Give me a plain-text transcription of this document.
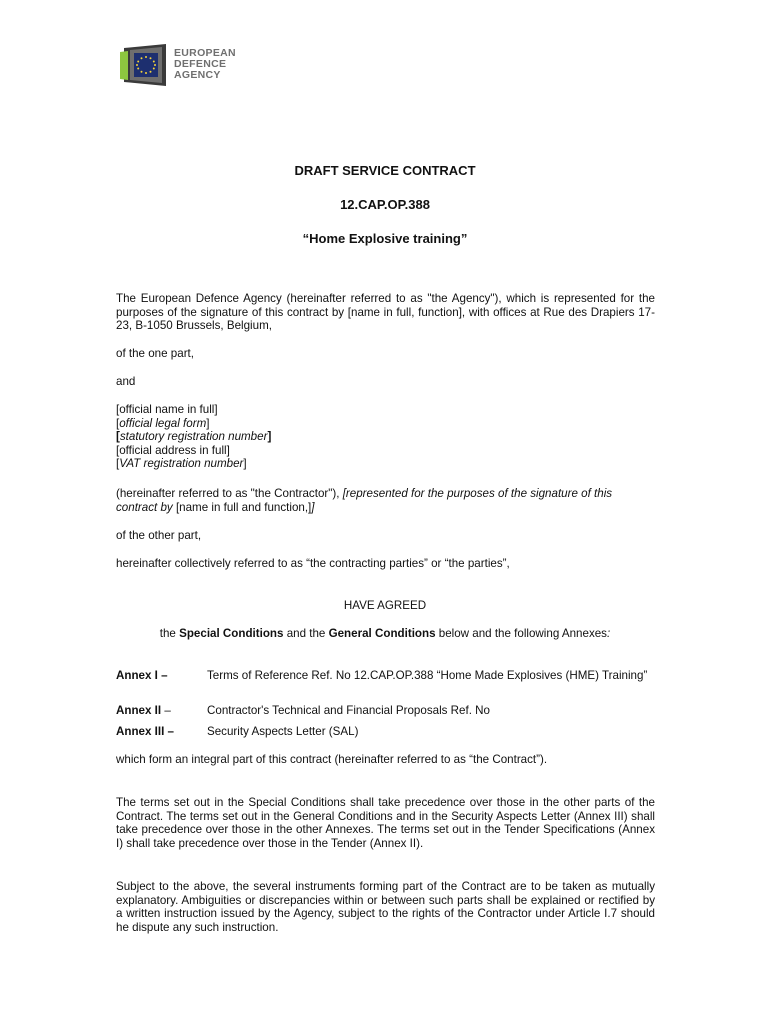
EUROPEAN
DEFENCE
AGENCY
DRAFT SERVICE CONTRACT
12.CAP.OP.388
“Home Explosive training”
The European Defence Agency (hereinafter referred to as "the Agency"), which is represented for the purposes of the signature of this contract by [name in full, function], with offices at Rue des Drapiers 17-23, B-1050 Brussels, Belgium,
of the one part,
and
[official name in full]
[official legal form]
[statutory registration number]
[official address in full]
[VAT registration number]
(hereinafter referred to as "the Contractor"), [represented for the purposes of the signature of this contract by [name in full and function,]]
of the other part,
hereinafter collectively referred to as “the contracting parties” or “the parties”,
HAVE AGREED
the Special Conditions and the General Conditions below and the following Annexes:
Annex I –	Terms of Reference Ref. No 12.CAP.OP.388 “Home Made Explosives (HME) Training”
Annex II –	Contractor's Technical and Financial Proposals Ref. No
Annex III –	Security Aspects Letter (SAL)
which form an integral part of this contract (hereinafter referred to as “the Contract”).
The terms set out in the Special Conditions shall take precedence over those in the other parts of the Contract. The terms set out in the General Conditions and in the Security Aspects Letter (Annex III) shall take precedence over those in the other Annexes. The terms set out in the Tender Specifications (Annex I) shall take precedence over those in the Tender (Annex II).
Subject to the above, the several instruments forming part of the Contract are to be taken as mutually explanatory. Ambiguities or discrepancies within or between such parts shall be explained or rectified by a written instruction issued by the Agency, subject to the rights of the Contractor under Article I.7 should he dispute any such instruction.
